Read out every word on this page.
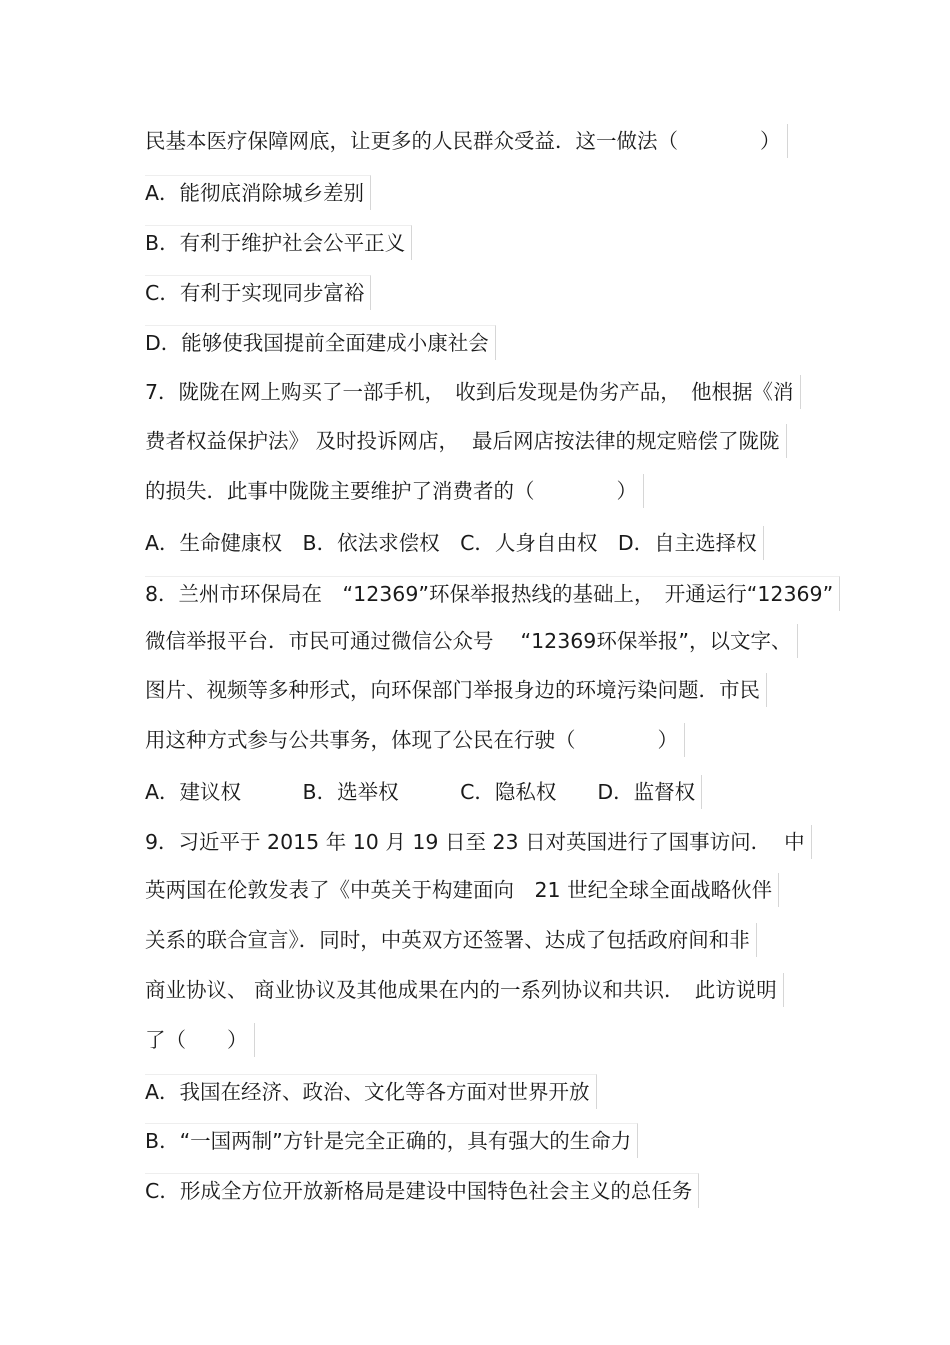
民基本医疗保障网底，让更多的人民群众受益．这一做法（　　　　）
A．能彻底消除城乡差别
B．有利于维护社会公平正义
C．有利于实现同步富裕
D．能够使我国提前全面建成小康社会
7．陇陇在网上购买了一部手机，　收到后发现是伪劣产品，　他根据《消
费者权益保护法》 及时投诉网店，  最后网店按法律的规定赔偿了陇陇
的损失．此事中陇陇主要维护了消费者的（　　　　）
A．生命健康权　B．依法求偿权　C．人身自由权　D．自主选择权
8．兰州市环保局在　“12369”环保举报热线的基础上，　开通运行“12369”
微信举报平台．市民可通过微信公众号　 “12369环保举报”，以文字、
图片、视频等多种形式，向环保部门举报身边的环境污染问题．市民
用这种方式参与公共事务，体现了公民在行驶（　　　　）
A．建议权　　　B．选举权　　　C．隐私权　　D．监督权
9．习近平于 2015 年 10 月 19 日至 23 日对英国进行了国事访问．  中
英两国在伦敦发表了《中英关于构建面向　21 世纪全球全面战略伙伴
关系的联合宣言》．同时，中英双方还签署、达成了包括政府间和非
商业协议、 商业协议及其他成果在内的一系列协议和共识．　此访说明
了（　　）
A．我国在经济、政治、文化等各方面对世界开放
B．“一国两制”方针是完全正确的，具有强大的生命力
C．形成全方位开放新格局是建设中国特色社会主义的总任务
